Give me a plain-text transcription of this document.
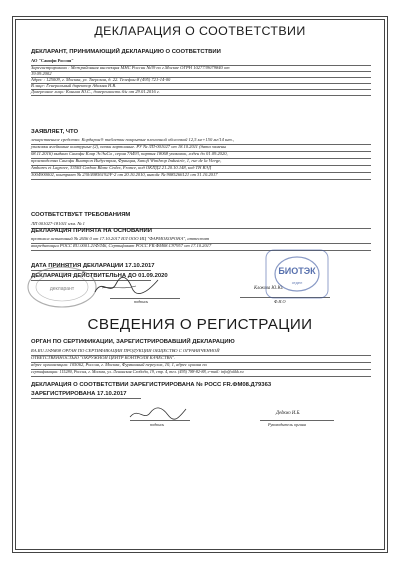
ДЕКЛАРАЦИЯ О СООТВЕТСТВИИ
ДЕКЛАРАНТ, ПРИНИМАЮЩИЙ ДЕКЛАРАЦИЮ О СООТВЕТСТВИИ
АО "Санофи Россия"
Зарегистрировано : Межрайонная инспекция МНС России №39 по г.Москве ОГРН 1027739079840 от
19.09.2002
Адрес : 125009, г. Москва, ул. Тверская, д. 22. Телефон:8 (495) 721-14-00
В лице: Генеральный директор Адамян Н.В.
Доверенное лицо: Конина Ю.С., доверенность б/н от 29.01.2016 г.
ЗАЯВЛЯЕТ, ЧТО
лекарственное средство: Кордарон® таблетки покрытые пленочной оболочкой 12,5 мг+150 мг/14 шт.,
упаковки ячейковые контурные (2), пачки картонные. РУ № ЛП-001027 от 18.10.2011 (дата замены
08.11.2016) выдано Санофи Клир ЭсЭнСи , серия 7А493, партия 18068 упаковок, годен до 01.09.2020,
производства Санофи Винтроп Индустрия, Франция, Sanofi Winthrop Industrie, 1, rue de la Vierge,
Ambares et Lagrave, 33565 Carbon Blanc Cedex, France, код ОКПД2 21.20.10.148, код ТН ВЭД
3004900002, контракт № 230/40856192/F-2 от 20.10.2010, инвойс № 9085266121 от 31.10.2017
СООТВЕТСТВУЕТ ТРЕБОВАНИЯМ
ЛП 001027-181011 изм. № 1
ДЕКЛАРАЦИЯ ПРИНЯТА НА ОСНОВАНИИ
протокол испытаний № 2656 0 от 17.10.2017 ИЛ ООО ИЦ "ФАРМОБОРОНА", аттестат
аккредитации РОСС RU.0001.21ФЛ46, Сертификат РОСС FR.ФМ08.С97957 от 17.10.2017
ДАТА ПРИНЯТИЯ ДЕКЛАРАЦИИ 17.10.2017
ДЕКЛАРАЦИЯ ДЕЙСТВИТЕЛЬНА ДО 01.09.2020
декларант
подпись
Клокова Ю.Ю.
Ф.И.О
БИОТЭК
отдел
СВЕДЕНИЯ О РЕГИСТРАЦИИ
ОРГАН ПО СЕРТИФИКАЦИИ, ЗАРЕГИСТРИРОВАВШИЙ ДЕКЛАРАЦИЮ
RA.RU.11ФМ08 ОРГАН ПО СЕРТИФИКАЦИИ ПРОДУКЦИИ ОБЩЕСТВО С ОГРАНИЧЕННОЙ
ОТВЕТСТВЕННОСТЬЮ "ОКРУЖНОЙ ЦЕНТР КОНТРОЛЯ КАЧЕСТВА".
адрес организации: 105062, Россия, г. Москва, Фурманный переулок, 10, 1, адрес органа по
сертификации: 115280, Россия, г. Москва, ул. Ленинская Слобода, 19, стр. 4, тел. (495) 788-82-88, e-mail: info@okkk.ru
ДЕКЛАРАЦИЯ О СООТВЕТСТВИИ ЗАРЕГИСТРИРОВАНА № РОСС FR.ФМ08.Д79363
ЗАРЕГИСТРИРОВАНА 17.10.2017
подпись
Дедюхо И.Б.
Руководитель органа
